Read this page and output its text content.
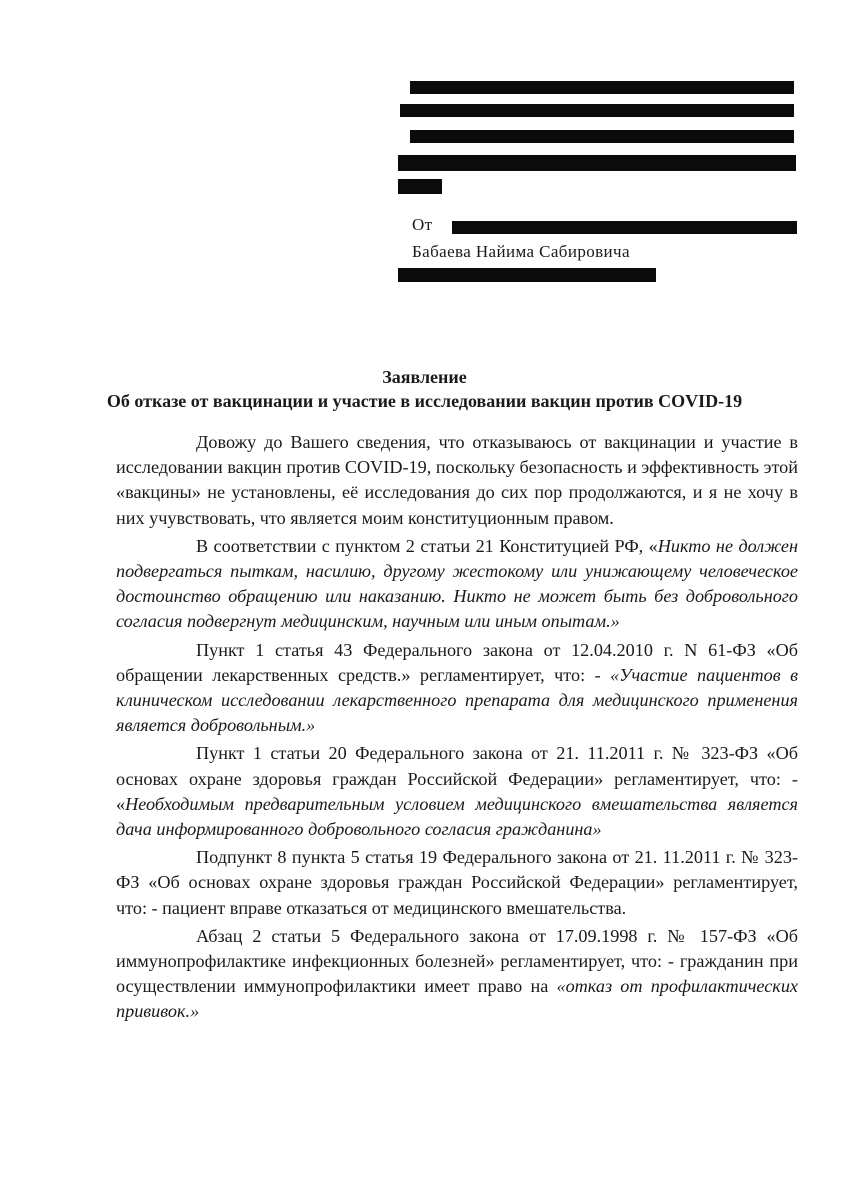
От
Бабаева Найима Сабировича
Заявление
Об отказе от вакцинации и участие в исследовании вакцин против COVID-19

Довожу до Вашего сведения, что отказываюсь от вакцинации и участие в исследовании вакцин против COVID-19, поскольку безопасность и эффективность этой «вакцины» не установлены, её исследования до сих пор продолжаются, и я не хочу в них учувствовать, что является моим конституционным правом.

В соответствии с пунктом 2 статьи 21 Конституцией РФ, «Никто не должен подвергаться пыткам, насилию, другому жестокому или унижающему человеческое достоинство обращению или наказанию. Никто не может быть без добровольного согласия подвергнут медицинским, научным или иным опытам.»

Пункт 1 статья 43 Федерального закона от 12.04.2010 г. N 61-ФЗ «Об обращении лекарственных средств.» регламентирует, что: - «Участие пациентов в клиническом исследовании лекарственного препарата для медицинского применения является добровольным.»

Пункт 1 статьи 20 Федерального закона от 21. 11.2011 г. № 323-ФЗ «Об основах охране здоровья граждан Российской Федерации» регламентирует, что: - «Необходимым предварительным условием медицинского вмешательства является дача информированного добровольного согласия гражданина»

Подпункт 8 пункта 5 статья 19 Федерального закона от 21. 11.2011 г. № 323-ФЗ «Об основах охране здоровья граждан Российской Федерации» регламентирует, что: - пациент вправе отказаться от медицинского вмешательства.

Абзац 2 статьи 5 Федерального закона от 17.09.1998 г. № 157-ФЗ «Об иммунопрофилактике инфекционных болезней» регламентирует, что: - гражданин при осуществлении иммунопрофилактики имеет право на «отказ от профилактических прививок.»
